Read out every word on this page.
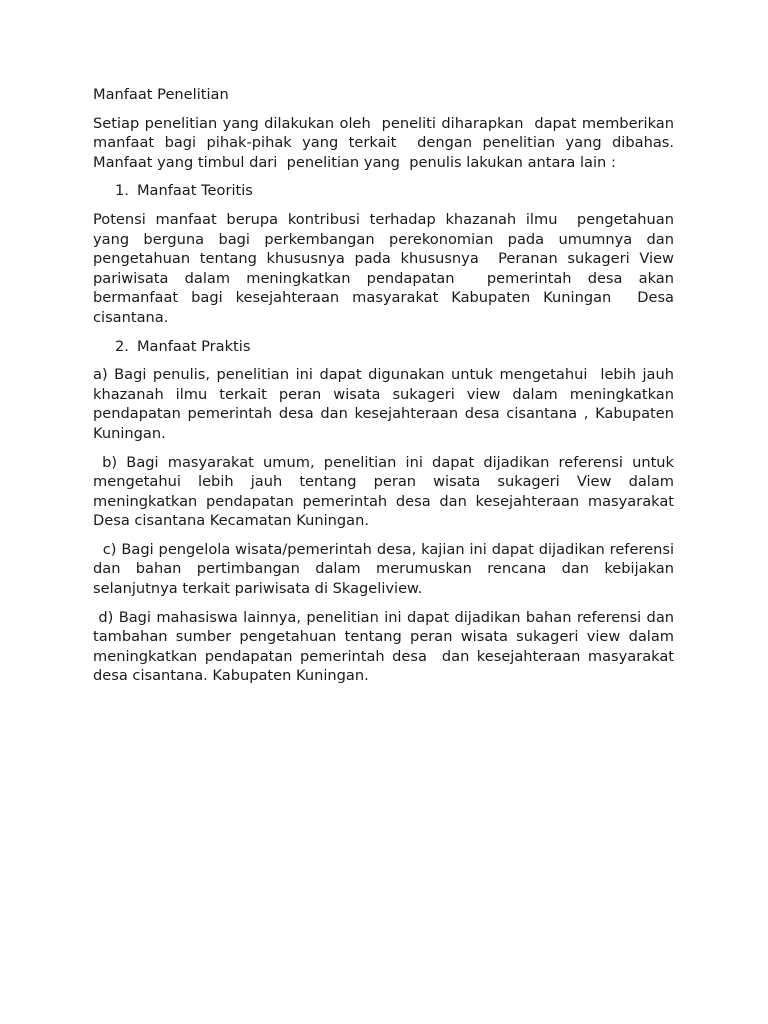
Manfaat Penelitian

Setiap penelitian yang dilakukan oleh  peneliti diharapkan  dapat memberikan manfaat bagi pihak-pihak yang terkait  dengan penelitian yang dibahas. Manfaat yang timbul dari  penelitian yang  penulis lakukan antara lain :

1. Manfaat Teoritis

Potensi manfaat berupa kontribusi terhadap khazanah ilmu  pengetahuan yang berguna bagi perkembangan perekonomian pada umumnya dan pengetahuan tentang khususnya pada khususnya  Peranan sukageri View pariwisata dalam meningkatkan pendapatan  pemerintah desa akan bermanfaat bagi kesejahteraan masyarakat Kabupaten Kuningan  Desa cisantana.

2. Manfaat Praktis

a) Bagi penulis, penelitian ini dapat digunakan untuk mengetahui  lebih jauh khazanah ilmu terkait peran wisata sukageri view dalam meningkatkan pendapatan pemerintah desa dan kesejahteraan desa cisantana , Kabupaten Kuningan.

b) Bagi masyarakat umum, penelitian ini dapat dijadikan referensi untuk mengetahui lebih jauh tentang peran wisata sukageri View dalam meningkatkan pendapatan pemerintah desa dan kesejahteraan masyarakat Desa cisantana Kecamatan Kuningan.

c) Bagi pengelola wisata/pemerintah desa, kajian ini dapat dijadikan referensi dan bahan pertimbangan dalam merumuskan rencana dan kebijakan selanjutnya terkait pariwisata di Skageliview.

d) Bagi mahasiswa lainnya, penelitian ini dapat dijadikan bahan referensi dan tambahan sumber pengetahuan tentang peran wisata sukageri view dalam meningkatkan pendapatan pemerintah desa  dan kesejahteraan masyarakat  desa cisantana. Kabupaten Kuningan.
